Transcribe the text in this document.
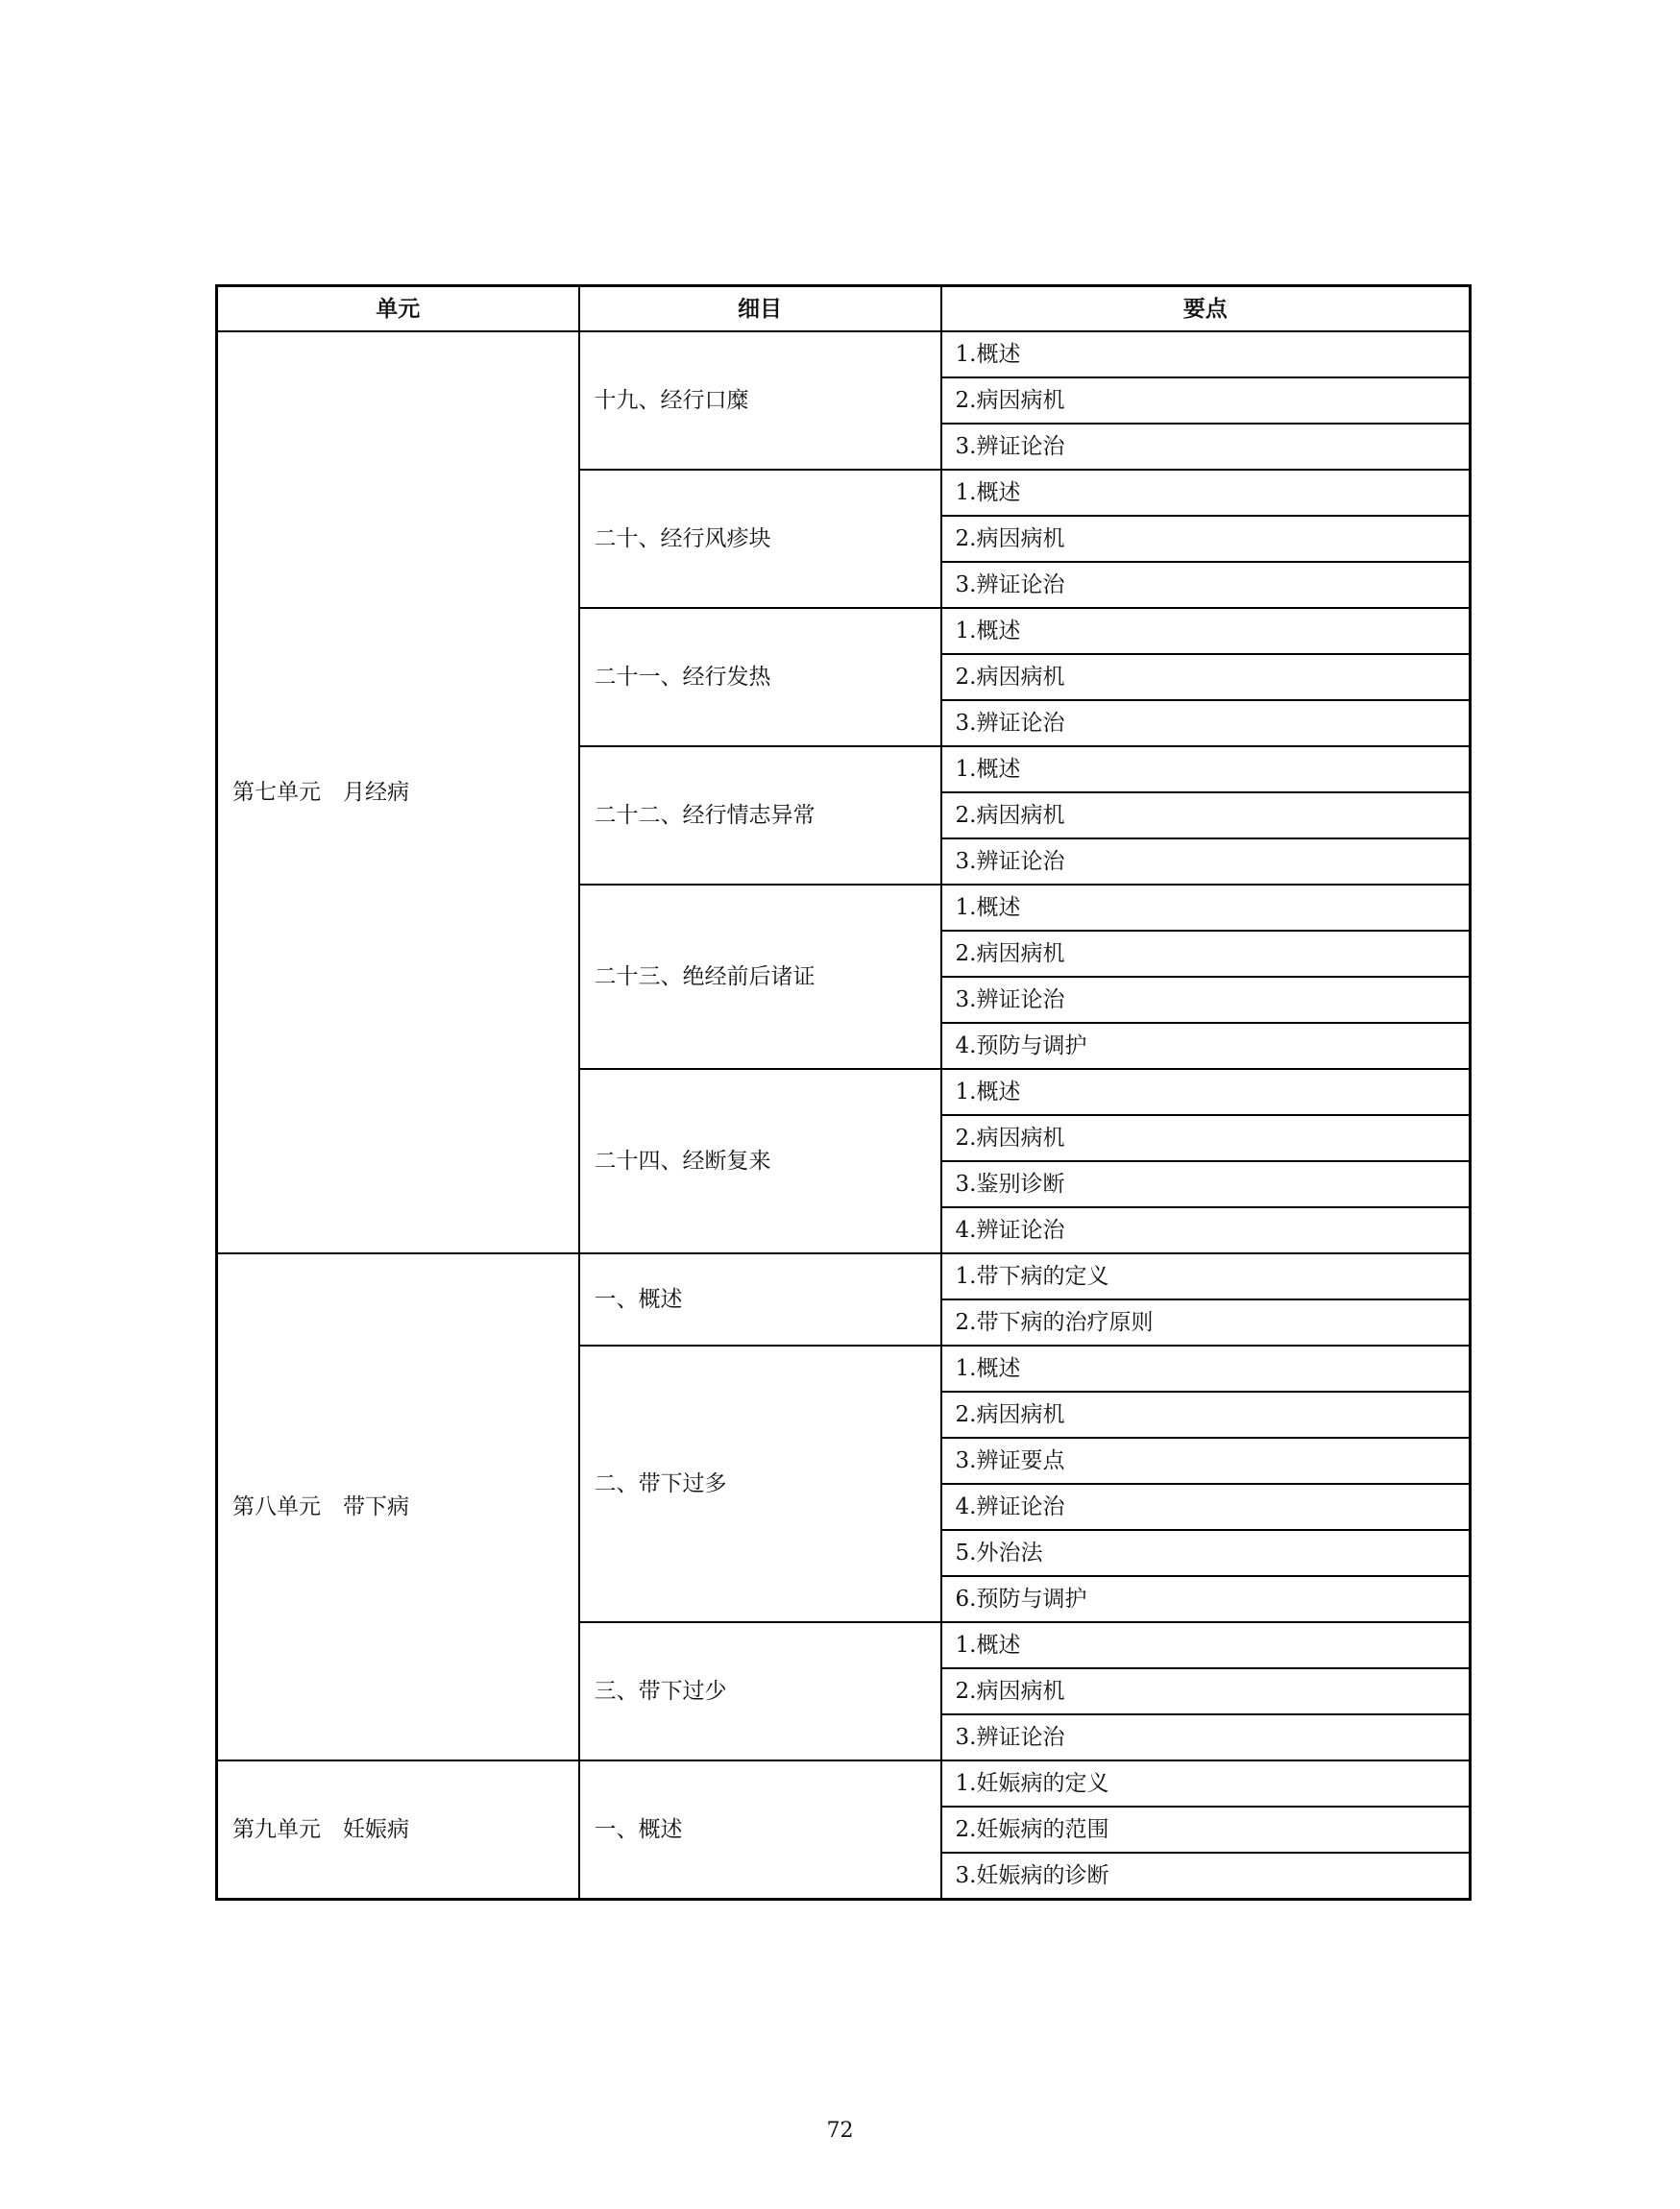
单元	细目	要点
第七单元　月经病	十九、经行口糜	1.概述
		2.病因病机
		3.辨证论治
	二十、经行风疹块	1.概述
		2.病因病机
		3.辨证论治
	二十一、经行发热	1.概述
		2.病因病机
		3.辨证论治
	二十二、经行情志异常	1.概述
		2.病因病机
		3.辨证论治
	二十三、绝经前后诸证	1.概述
		2.病因病机
		3.辨证论治
		4.预防与调护
	二十四、经断复来	1.概述
		2.病因病机
		3.鉴别诊断
		4.辨证论治
第八单元　带下病	一、概述	1.带下病的定义
		2.带下病的治疗原则
	二、带下过多	1.概述
		2.病因病机
		3.辨证要点
		4.辨证论治
		5.外治法
		6.预防与调护
	三、带下过少	1.概述
		2.病因病机
		3.辨证论治
第九单元　妊娠病	一、概述	1.妊娠病的定义
		2.妊娠病的范围
		3.妊娠病的诊断
72
